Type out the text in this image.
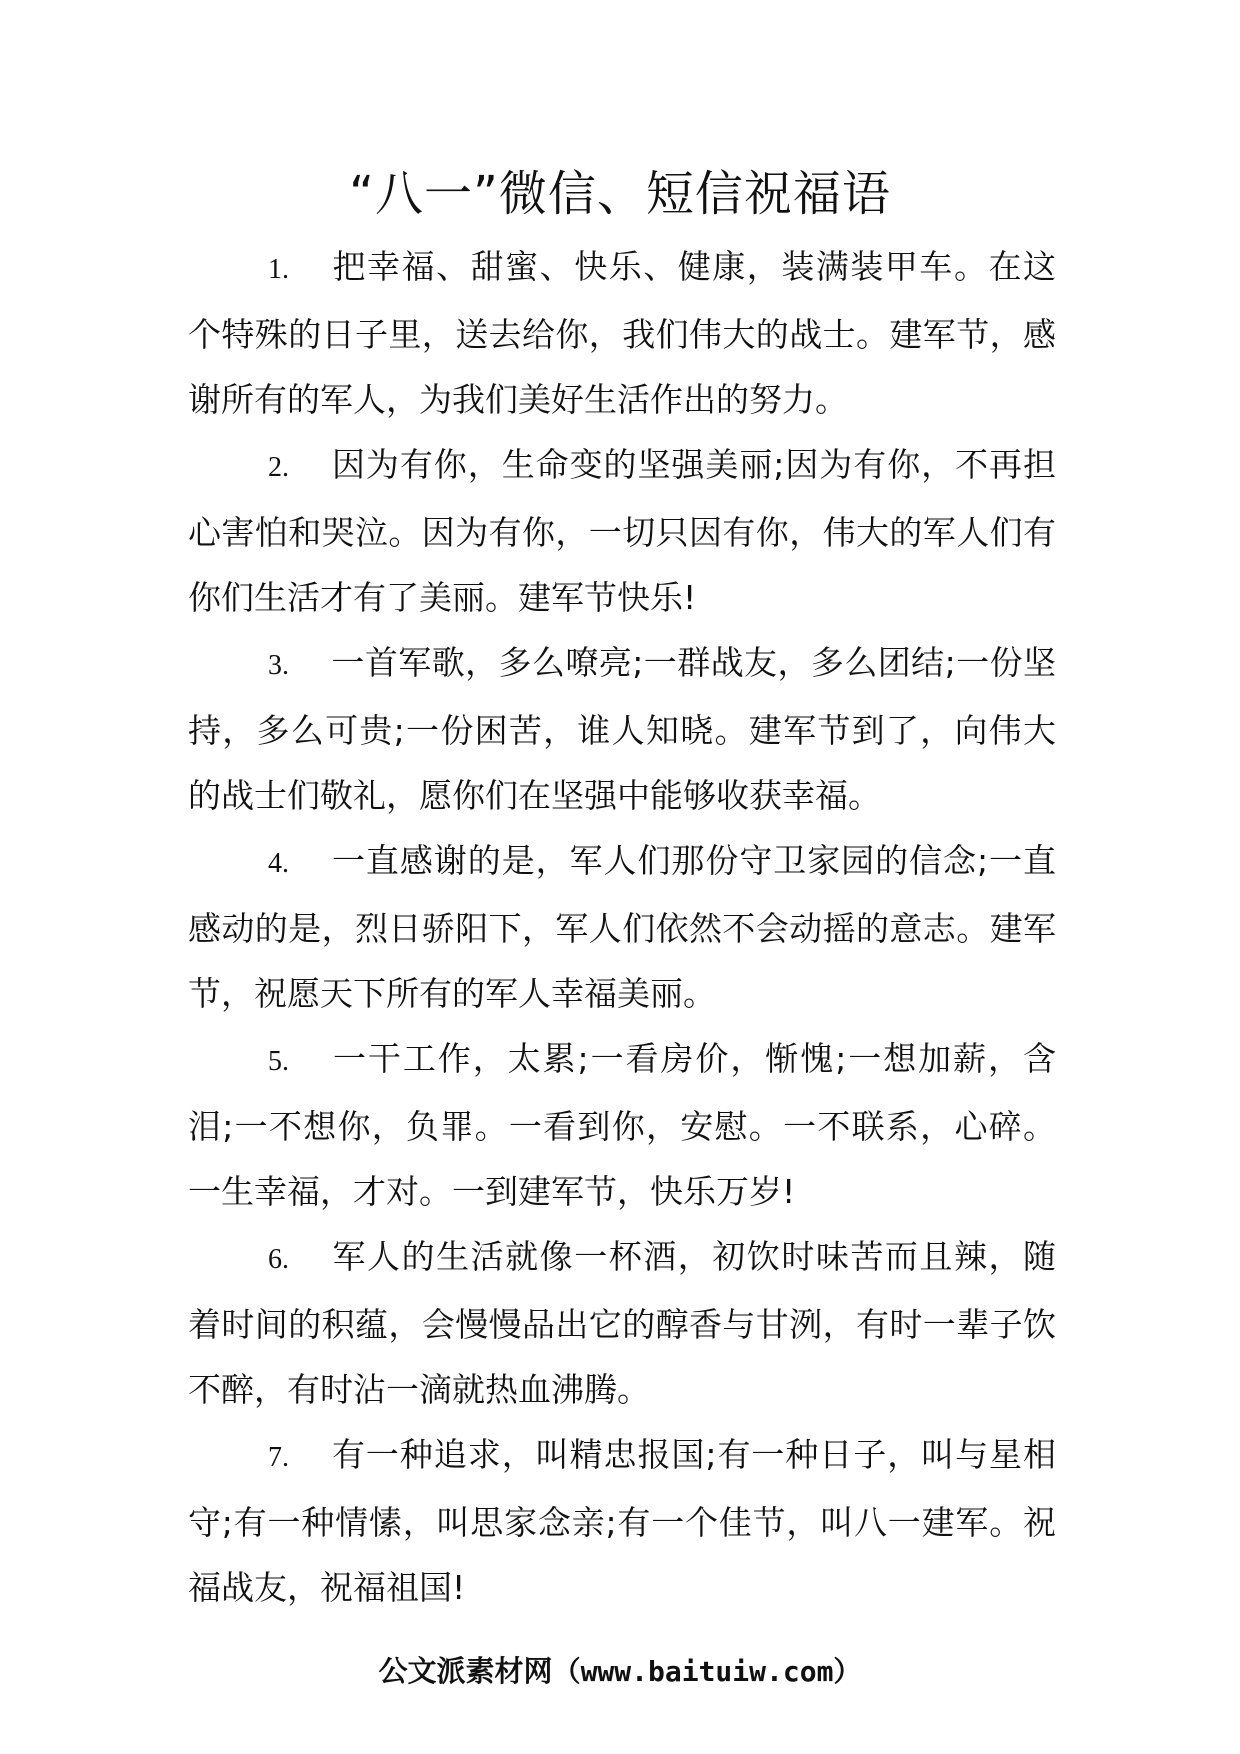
“八一”微信、短信祝福语

1. 把幸福、甜蜜、快乐、健康，装满装甲车。在这个特殊的日子里，送去给你，我们伟大的战士。建军节，感谢所有的军人，为我们美好生活作出的努力。

2. 因为有你，生命变的坚强美丽;因为有你，不再担心害怕和哭泣。因为有你，一切只因有你，伟大的军人们有你们生活才有了美丽。建军节快乐!

3. 一首军歌，多么嘹亮;一群战友，多么团结;一份坚持，多么可贵;一份困苦，谁人知晓。建军节到了，向伟大的战士们敬礼，愿你们在坚强中能够收获幸福。

4. 一直感谢的是，军人们那份守卫家园的信念;一直感动的是，烈日骄阳下，军人们依然不会动摇的意志。建军节，祝愿天下所有的军人幸福美丽。

5. 一干工作，太累;一看房价，惭愧;一想加薪，含泪;一不想你，负罪。一看到你，安慰。一不联系，心碎。一生幸福，才对。一到建军节，快乐万岁!

6. 军人的生活就像一杯酒，初饮时味苦而且辣，随着时间的积蕴，会慢慢品出它的醇香与甘洌，有时一辈子饮不醉，有时沾一滴就热血沸腾。

7. 有一种追求，叫精忠报国;有一种日子，叫与星相守;有一种情愫，叫思家念亲;有一个佳节，叫八一建军。祝福战友，祝福祖国!

公文派素材网（www.baituiw.com）
